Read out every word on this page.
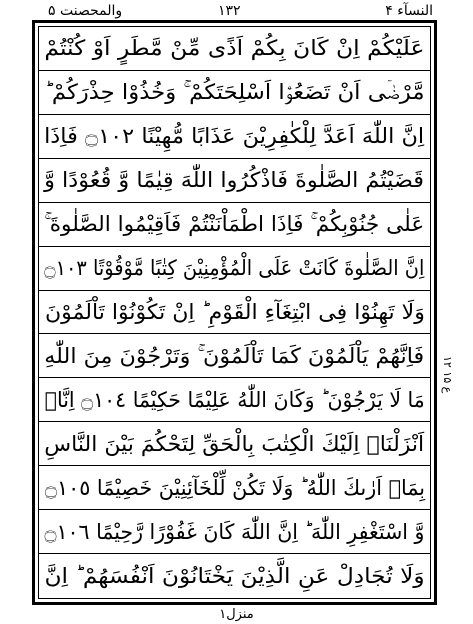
والمحصنت ۵	١٣٢	النسآء ۴
عَلَيْكُمْ اِنْ كَانَ بِكُمْ اَذًى مِّنْ مَّطَرٍ اَوْ كُنْتُمْ
مَّرْضٰۤى اَنْ تَضَعُوْۤا اَسْلِحَتَكُمْ ۚ وَخُذُوْا حِذْرَكُمْ ؕ
اِنَّ اللّٰهَ اَعَدَّ لِلْكٰفِرِيْنَ عَذَابًا مُّهِيْنًا ۝١٠٢ فَاِذَا
قَضَيْتُمُ الصَّلٰوةَ فَاذْكُرُوا اللّٰهَ قِيٰمًا وَّ قُعُوْدًا وَّ
عَلٰى جُنُوْبِكُمْ ۚ فَاِذَا اطْمَاْنَنْتُمْ فَاَقِيْمُوا الصَّلٰوةَ ۚ
اِنَّ الصَّلٰوةَ كَانَتْ عَلَى الْمُؤْمِنِيْنَ كِتٰبًا مَّوْقُوْتًا ۝١٠٣
وَلَا تَهِنُوْا فِى ابْتِغَآءِ الْقَوْمِ ؕ اِنْ تَكُوْنُوْا تَاْلَمُوْنَ
فَاِنَّهُمْ يَاْلَمُوْنَ كَمَا تَاْلَمُوْنَ ۚ وَتَرْجُوْنَ مِنَ اللّٰهِ
مَا لَا يَرْجُوْنَ ؕ وَكَانَ اللّٰهُ عَلِيْمًا حَكِيْمًا ۝١٠٤ اِنَّاۤ
اَنْزَلْنَاۤ اِلَيْكَ الْكِتٰبَ بِالْحَقِّ لِتَحْكُمَ بَيْنَ النَّاسِ
بِمَاۤ اَرٰىكَ اللّٰهُ ؕ وَلَا تَكُنْ لِّلْخَآئِنِيْنَ خَصِيْمًا ۝١٠٥
وَّ اسْتَغْفِرِ اللّٰهَ ؕ اِنَّ اللّٰهَ كَانَ غَفُوْرًا رَّحِيْمًا ۝١٠٦
وَلَا تُجَادِلْ عَنِ الَّذِيْنَ يَخْتَانُوْنَ اَنْفُسَهُمْ ؕ اِنَّ
ع ۱۵ ۱۲
منزل١
